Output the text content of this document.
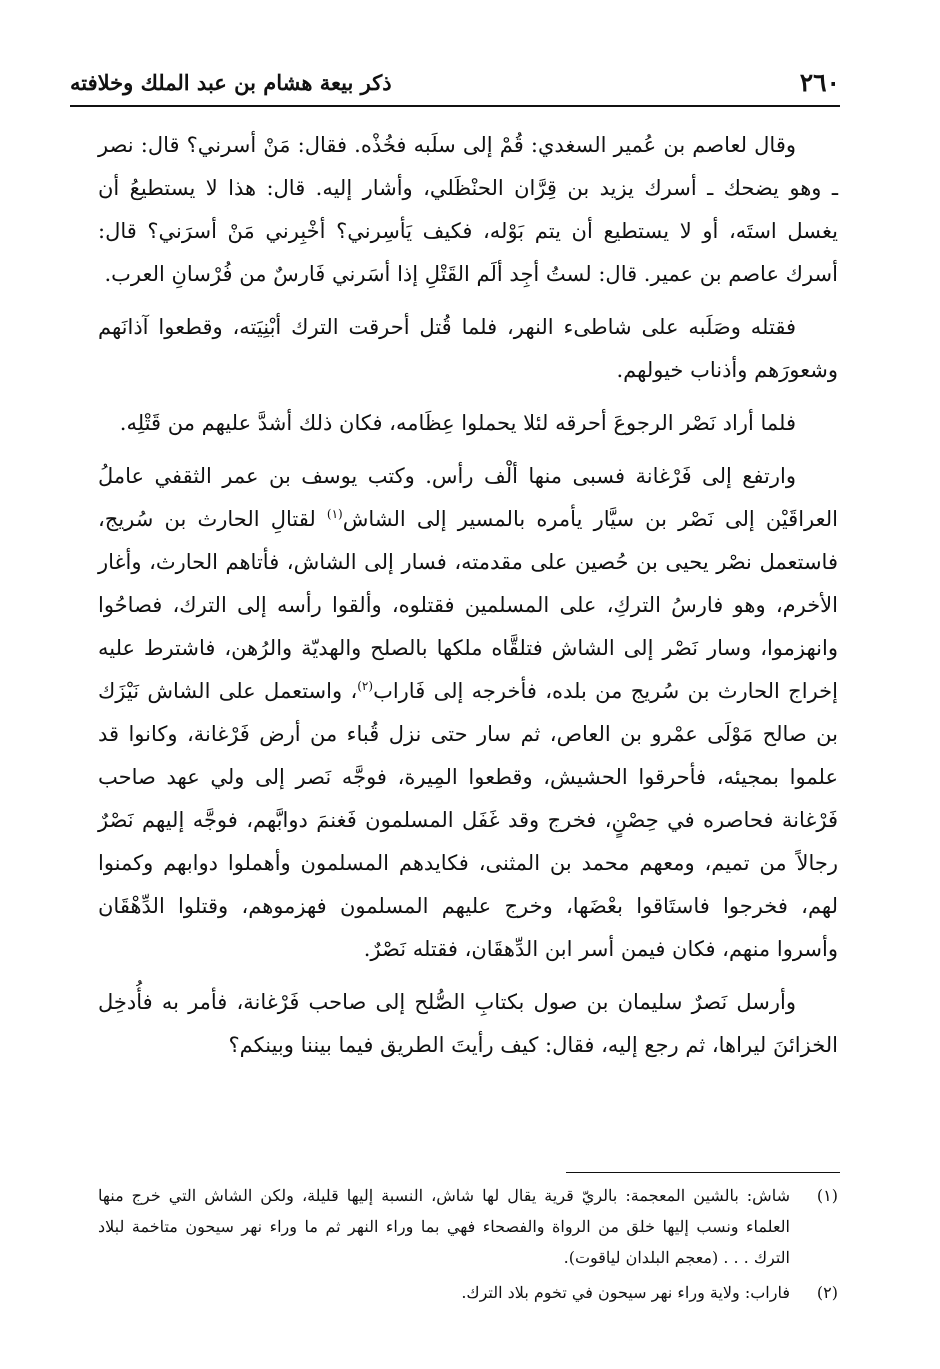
٢٦٠
ذكر بيعة هشام بن عبد الملك وخلافته

وقال لعاصم بن عُمير السغدي: قُمْ إلى سلَبه فخُذْه. فقال: مَنْ أسرني؟ قال: نصر ـ وهو يضحك ـ أسرك يزيد بن قِرَّان الحنْظَلي، وأشار إليه. قال: هذا لا يستطيعُ أن يغسل استَه، أو لا يستطيع أن يتم بَوْله، فكيف يَأسِرني؟ أخْبِرني مَنْ أسرَني؟ قال: أسرك عاصم بن عمير. قال: لستُ أجِد ألَم القَتْلِ إذا أسَرني فَارسٌ من فُرْسانِ العرب.

فقتله وصَلَبه على شاطىء النهر، فلما قُتل أحرقت الترك أبْنِيَته، وقطعوا آذانَهم وشعورَهم وأذناب خيولهم.

فلما أراد نَصْر الرجوعَ أحرقه لئلا يحملوا عِظَامه، فكان ذلك أشدَّ عليهم من قَتْلِه.

وارتفع إلى فَرْغانة فسبى منها ألْف رأس. وكتب يوسف بن عمر الثقفي عاملُ العراقَيْن إلى نَصْر بن سيَّار يأمره بالمسير إلى الشاش$^{(١)}$ لقتالِ الحارث بن سُريج، فاستعمل نصْر يحيى بن حُصين على مقدمته، فسار إلى الشاش، فأتاهم الحارث، وأغار الأخرم، وهو فارسُ التركِ، على المسلمين فقتلوه، وألقوا رأسه إلى الترك، فصاحُوا وانهزموا، وسار نَصْر إلى الشاش فتلقَّاه ملكها بالصلح والهديّة والرُهن، فاشترط عليه إخراج الحارث بن سُريج من بلده، فأخرجه إلى فَاراب$^{(٢)}$، واستعمل على الشاش نَيْزَك بن صالح مَوْلَى عمْرو بن العاص، ثم سار حتى نزل قُباء من أرض فَرْغانة، وكانوا قد علموا بمجيئه، فأحرقوا الحشيش، وقطعوا المِيرة، فوجَّه نَصر إلى ولي عهد صاحب فَرْغانة فحاصره في حِصْنٍ، فخرج وقد غَفَل المسلمون فَغنمَ دوابَّهم، فوجَّه إليهم نَصْرٌ رجالاً من تميم، ومعهم محمد بن المثنى، فكايدهم المسلمون وأهملوا دوابهم وكمنوا لهم، فخرجوا فاستَاقوا بعْضَها، وخرج عليهم المسلمون فهزموهم، وقتلوا الدِّهْقَان وأسروا منهم، فكان فيمن أسر ابن الدِّهقَان، فقتله نَصْرٌ.

وأرسل نَصرٌ سليمان بن صول بكتابِ الصُّلح إلى صاحب فَرْغانة، فأمر به فأُدخِل الخزائنَ ليراها، ثم رجع إليه، فقال: كيف رأيتَ الطريق فيما بيننا وبينكم؟

(١)
شاش: بالشين المعجمة: بالريّ قرية يقال لها شاش، النسبة إليها قليلة، ولكن الشاش التي خرج منها العلماء ونسب إليها خلق من الرواة والفصحاء فهي بما وراء النهر ثم ما وراء نهر سيحون متاخمة لبلاد الترك . . . (معجم البلدان لياقوت).
(٢)
فاراب: ولاية وراء نهر سيحون في تخوم بلاد الترك.
